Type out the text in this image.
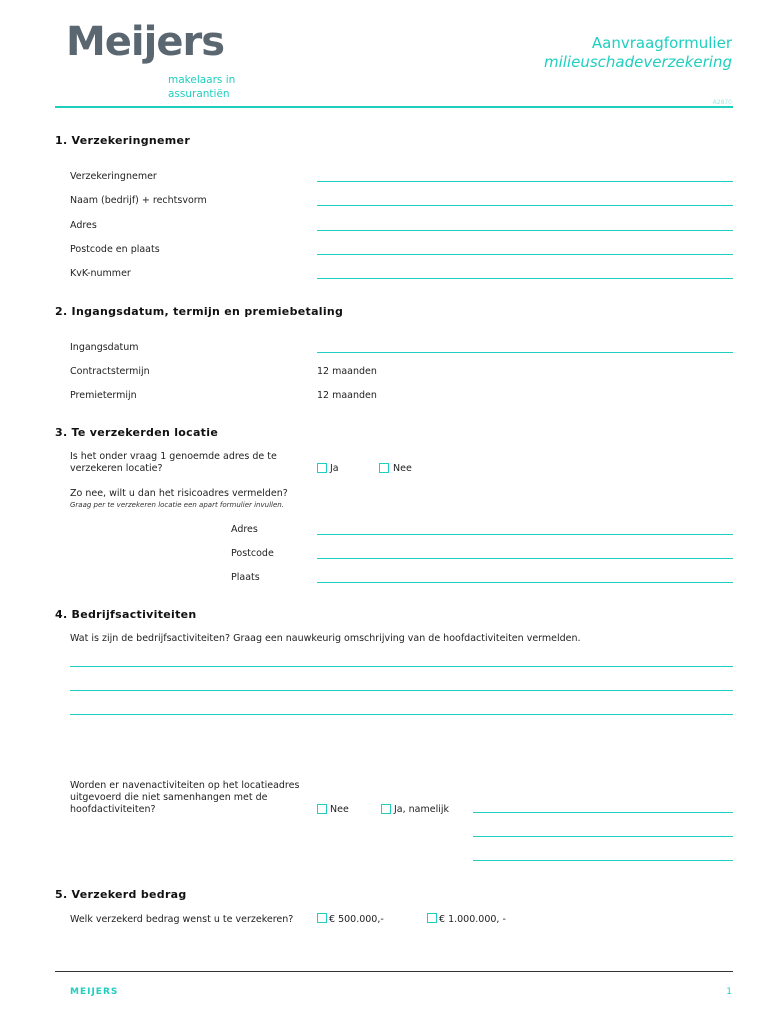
Meijers
makelaars in
assurantiën
Aanvraagformulier
milieuschadeverzekering
A2870
1. Verzekeringnemer
Verzekeringnemer
Naam (bedrijf) + rechtsvorm
Adres
Postcode en plaats
KvK-nummer
2. Ingangsdatum, termijn en premiebetaling
Ingangsdatum
Contractstermijn	12 maanden
Premietermijn	12 maanden
3. Te verzekerden locatie
Is het onder vraag 1 genoemde adres de te
verzekeren locatie?	Ja	Nee
Zo nee, wilt u dan het risicoadres vermelden?
Graag per te verzekeren locatie een apart formulier invullen.
Adres
Postcode
Plaats
4. Bedrijfsactiviteiten
Wat is zijn de bedrijfsactiviteiten? Graag een nauwkeurig omschrijving van de hoofdactiviteiten vermelden.
Worden er navenactiviteiten op het locatieadres
uitgevoerd die niet samenhangen met de
hoofdactiviteiten?	Nee	Ja, namelijk
5. Verzekerd bedrag
Welk verzekerd bedrag wenst u te verzekeren?	€ 500.000,-	€ 1.000.000, -
MEIJERS	1
